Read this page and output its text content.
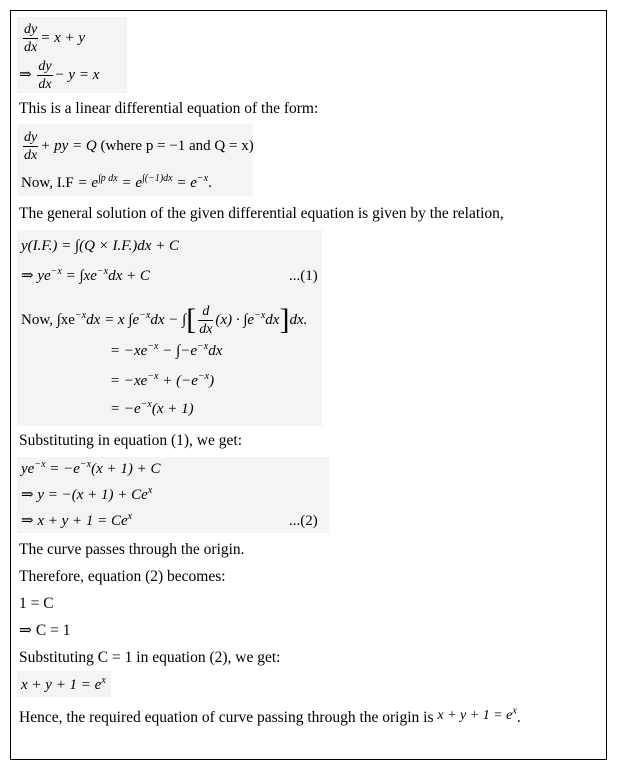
$\frac{dy}{dx} = x + y$
⇒ $\frac{dy}{dx} - y = x$
This is a linear differential equation of the form:
$\frac{dy}{dx}$ + py = Q (where p = −1 and Q = x)
Now, $I.F = e^{\int p dx} = e^{\int(-1)dx} = e^{-x}$.
The general solution of the given differential equation is given by the relation,
y(I.F.) = ∫(Q × I.F.)dx + C
⇒ $ye^{-x} = \int xe^{-x}dx + C$	...(1)
Now, $\int xe^{-x}dx = x$ $\int e^{-x}dx$ − ∫[ $\frac{d}{dx} (x) \cdot \int e^{-x}dx]dx$.
= $-xe^{-x} - \int-e^{-x}dx$
= $-xe^{-x} + (-e^{-x})$
= $-e^{-x}(x + 1)$
Substituting in equation (1), we get:
$ye^{-x} = -e^{-x}(x + 1) + C$
⇒ $y = -(x + 1) + Ce^x$
⇒ $x + y + 1 = Ce^x$	...(2)
The curve passes through the origin.
Therefore, equation (2) becomes:
1 = C
⇒ C = 1
Substituting C = 1 in equation (2), we get:
$x + y + 1 = e^x$
Hence, the required equation of curve passing through the origin is $x + y + 1 = e^x$.
